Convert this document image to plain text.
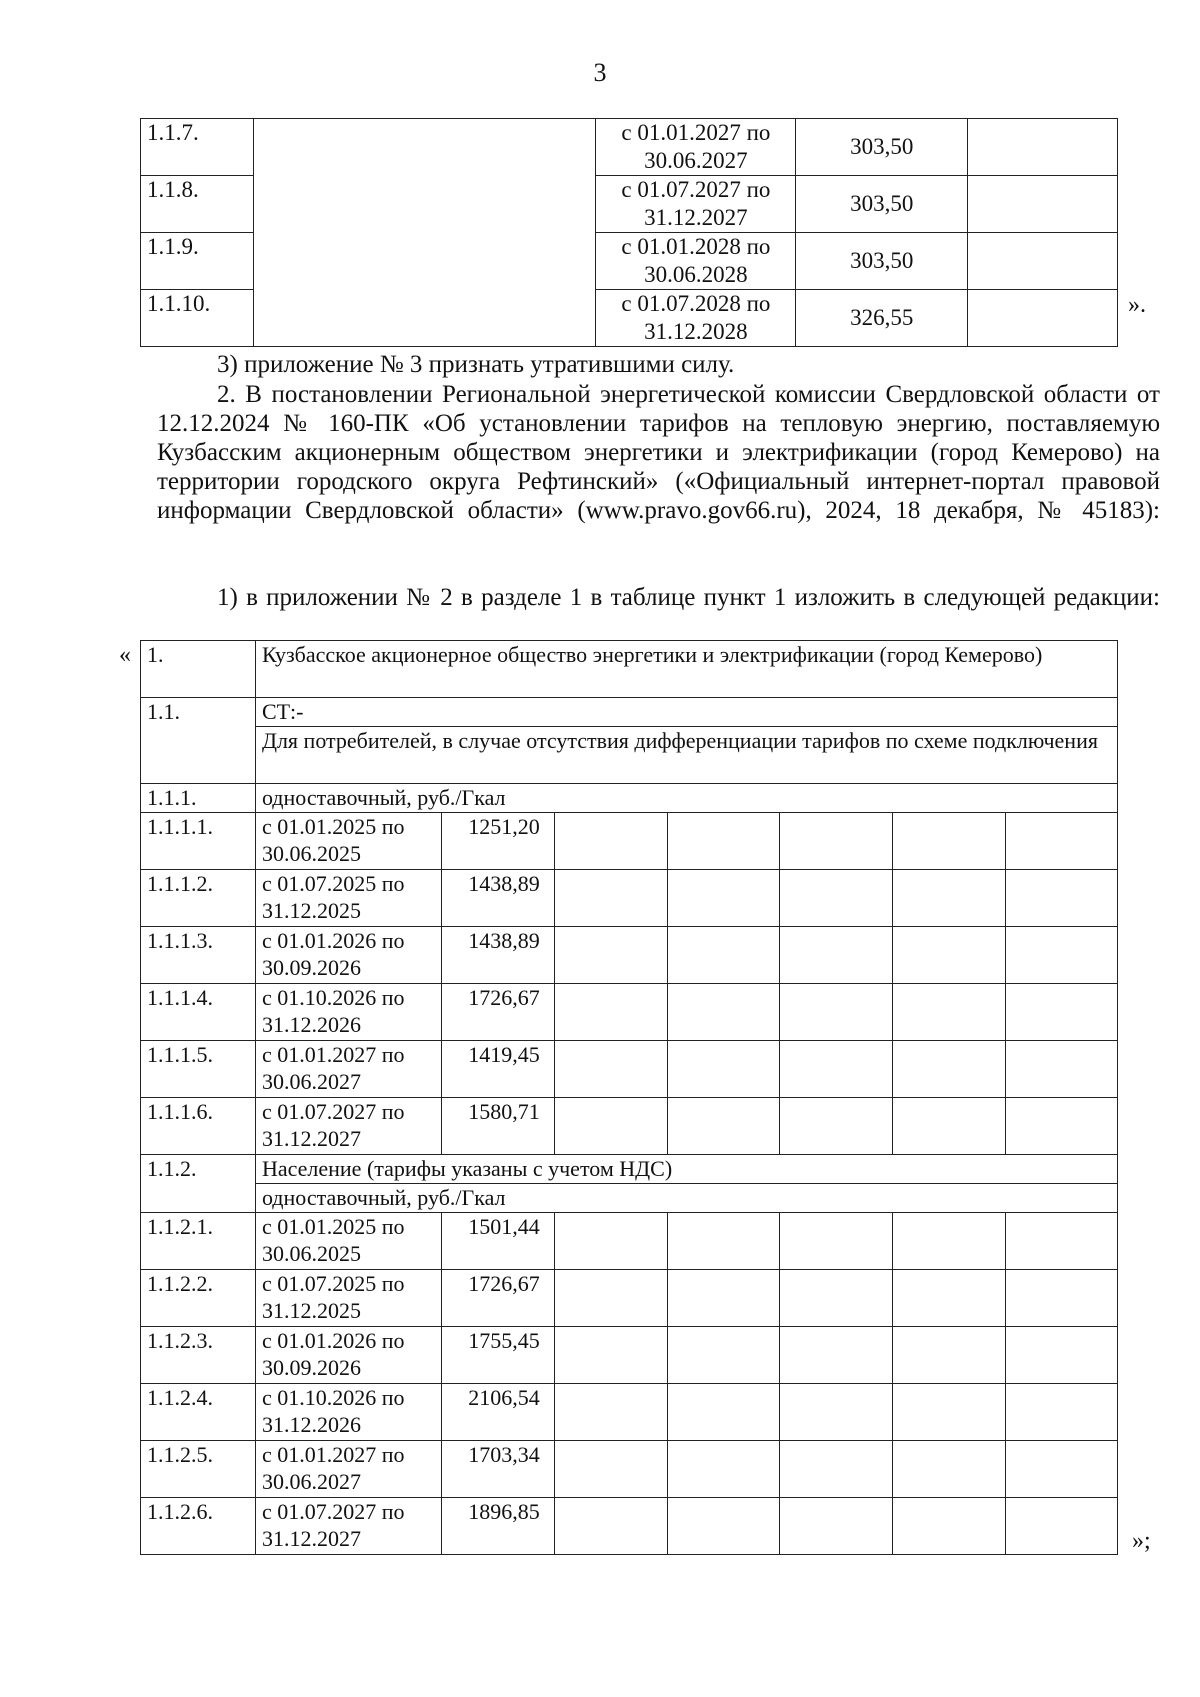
3
1.1.7.		с 01.01.2027 по 30.06.2027	303,50	
1.1.8.		с 01.07.2027 по 31.12.2027	303,50	
1.1.9.		с 01.01.2028 по 30.06.2028	303,50	
1.1.10.		с 01.07.2028 по 31.12.2028	326,55		».
3) приложение № 3 признать утратившими силу.
2. В постановлении Региональной энергетической комиссии Свердловской области от 12.12.2024 № 160-ПК «Об установлении тарифов на тепловую энергию, поставляемую Кузбасским акционерным обществом энергетики и электрификации (город Кемерово) на территории городского округа Рефтинский» («Официальный интернет-портал правовой информации Свердловской области» (www.pravo.gov66.ru), 2024, 18 декабря, № 45183):
1) в приложении № 2 в разделе 1 в таблице пункт 1 изложить в следующей редакции:
« 1.	Кузбасское акционерное общество энергетики и электрификации (город Кемерово)						
1.1.	СТ:-						
	Для потребителей, в случае отсутствия дифференциации тарифов по схеме подключения						
1.1.1.	одноставочный, руб./Гкал						
1.1.1.1.	с 01.01.2025 по 30.06.2025	1251,20					
1.1.1.2.	с 01.07.2025 по 31.12.2025	1438,89					
1.1.1.3.	с 01.01.2026 по 30.09.2026	1438,89					
1.1.1.4.	с 01.10.2026 по 31.12.2026	1726,67					
1.1.1.5.	с 01.01.2027 по 30.06.2027	1419,45					
1.1.1.6.	с 01.07.2027 по 31.12.2027	1580,71					
1.1.2.	Население (тарифы указаны с учетом НДС)						
	одноставочный, руб./Гкал						
1.1.2.1.	с 01.01.2025 по 30.06.2025	1501,44					
1.1.2.2.	с 01.07.2025 по 31.12.2025	1726,67					
1.1.2.3.	с 01.01.2026 по 30.09.2026	1755,45					
1.1.2.4.	с 01.10.2026 по 31.12.2026	2106,54					
1.1.2.5.	с 01.01.2027 по 30.06.2027	1703,34					
1.1.2.6.	с 01.07.2027 по 31.12.2027	1896,85					
»;
